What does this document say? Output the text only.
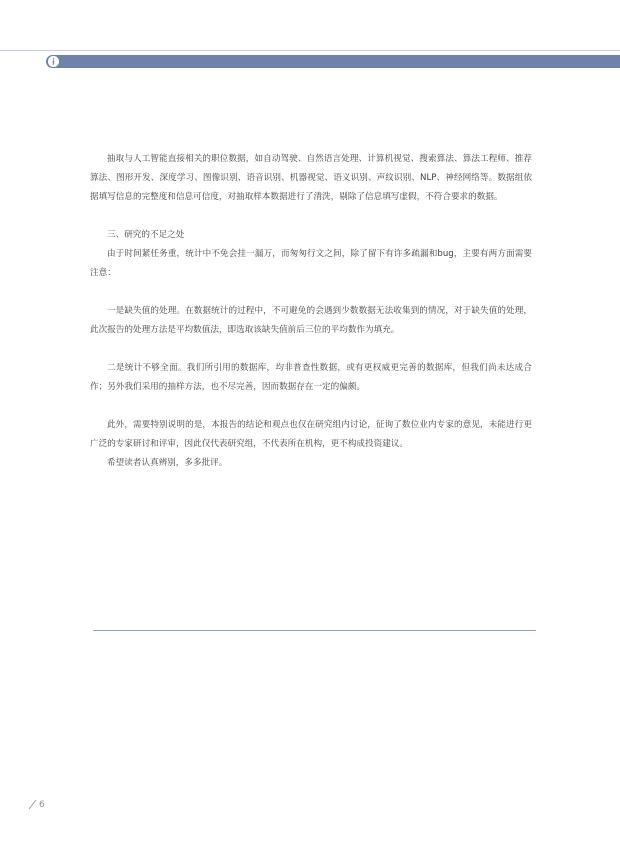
抽取与人工智能直接相关的职位数据，如自动驾驶、自然语言处理、计算机视觉、搜索算法、算法工程师、推荐算法、图形开发、深度学习、图像识别、语音识别、机器视觉、语义识别、声纹识别、NLP、神经网络等。数据组依据填写信息的完整度和信息可信度，对抽取样本数据进行了清洗，剔除了信息填写虚假，不符合要求的数据。

三、研究的不足之处

由于时间紧任务重，统计中不免会挂一漏万，而匆匆行文之间，除了留下有许多疏漏和bug，主要有两方面需要注意：

一是缺失值的处理。在数据统计的过程中，不可避免的会遇到少数数据无法收集到的情况，对于缺失值的处理，此次报告的处理方法是平均数值法，即选取该缺失值前后三位的平均数作为填充。

二是统计不够全面。我们所引用的数据库，均非普查性数据，或有更权威更完善的数据库，但我们尚未达成合作；另外我们采用的抽样方法，也不尽完善，因而数据存在一定的偏颇。

此外，需要特别说明的是，本报告的结论和观点也仅在研究组内讨论，征询了数位业内专家的意见，未能进行更广泛的专家研讨和评审，因此仅代表研究组，不代表所在机构，更不构成投资建议。

希望读者认真辨别，多多批评。

6
